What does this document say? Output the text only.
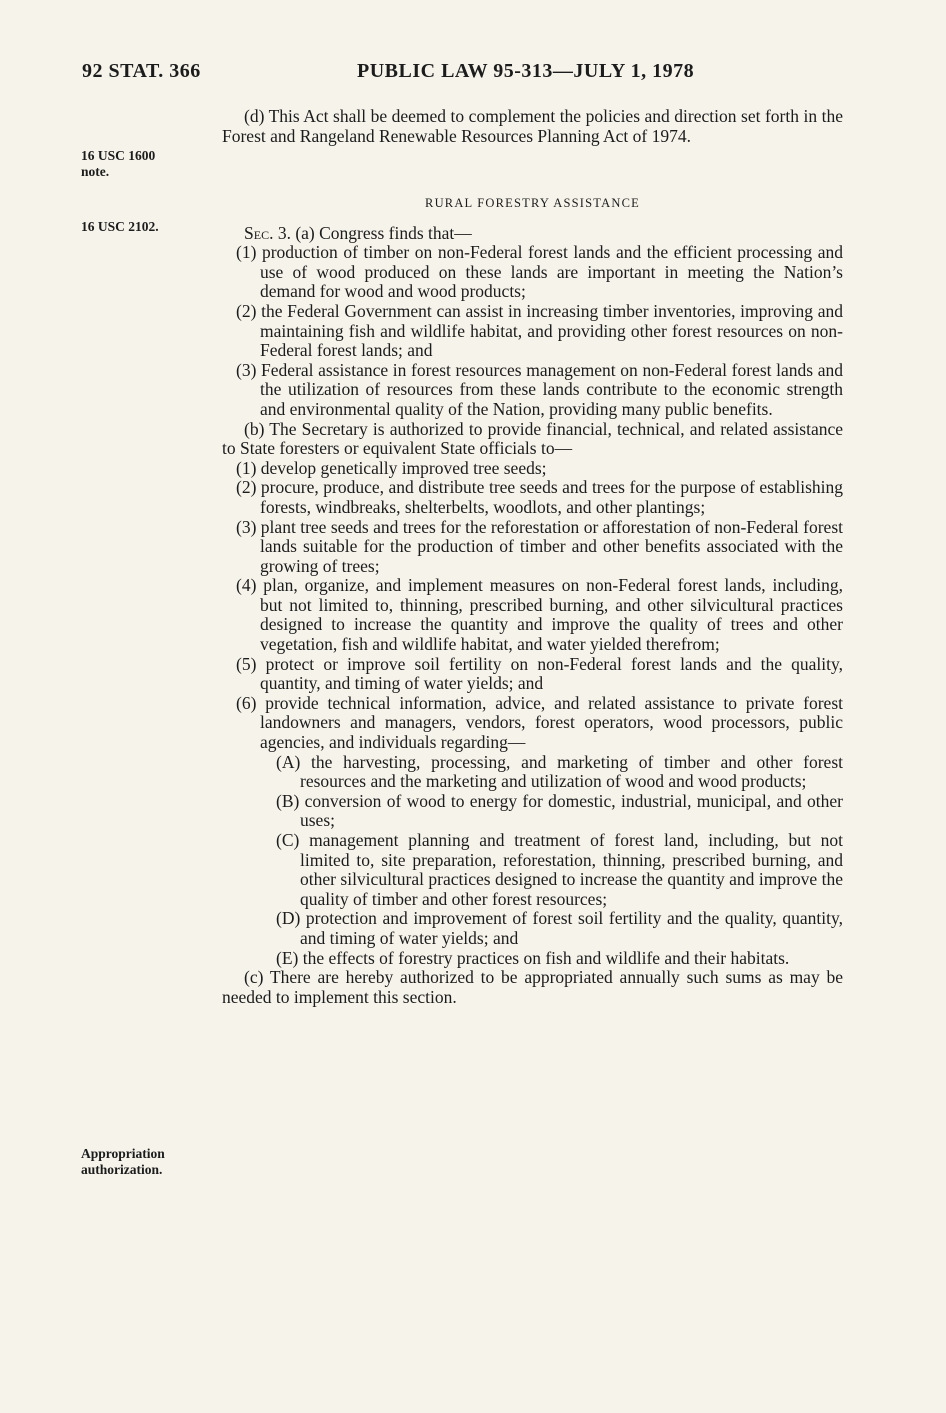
92 STAT. 366	PUBLIC LAW 95-313—JULY 1, 1978
16 USC 1600
note.
16 USC 2102.
Appropriation
authorization.
(d) This Act shall be deemed to complement the policies and direction set forth in the Forest and Rangeland Renewable Resources Planning Act of 1974.
RURAL FORESTRY ASSISTANCE
Sec. 3. (a) Congress finds that—
(1) production of timber on non-Federal forest lands and the efficient processing and use of wood produced on these lands are important in meeting the Nation’s demand for wood and wood products;
(2) the Federal Government can assist in increasing timber inventories, improving and maintaining fish and wildlife habitat, and providing other forest resources on non-Federal forest lands; and
(3) Federal assistance in forest resources management on non-Federal forest lands and the utilization of resources from these lands contribute to the economic strength and environmental quality of the Nation, providing many public benefits.
(b) The Secretary is authorized to provide financial, technical, and related assistance to State foresters or equivalent State officials to—
(1) develop genetically improved tree seeds;
(2) procure, produce, and distribute tree seeds and trees for the purpose of establishing forests, windbreaks, shelterbelts, woodlots, and other plantings;
(3) plant tree seeds and trees for the reforestation or afforestation of non-Federal forest lands suitable for the production of timber and other benefits associated with the growing of trees;
(4) plan, organize, and implement measures on non-Federal forest lands, including, but not limited to, thinning, prescribed burning, and other silvicultural practices designed to increase the quantity and improve the quality of trees and other vegetation, fish and wildlife habitat, and water yielded therefrom;
(5) protect or improve soil fertility on non-Federal forest lands and the quality, quantity, and timing of water yields; and
(6) provide technical information, advice, and related assistance to private forest landowners and managers, vendors, forest operators, wood processors, public agencies, and individuals regarding—
(A) the harvesting, processing, and marketing of timber and other forest resources and the marketing and utilization of wood and wood products;
(B) conversion of wood to energy for domestic, industrial, municipal, and other uses;
(C) management planning and treatment of forest land, including, but not limited to, site preparation, reforestation, thinning, prescribed burning, and other silvicultural practices designed to increase the quantity and improve the quality of timber and other forest resources;
(D) protection and improvement of forest soil fertility and the quality, quantity, and timing of water yields; and
(E) the effects of forestry practices on fish and wildlife and their habitats.
(c) There are hereby authorized to be appropriated annually such sums as may be needed to implement this section.
